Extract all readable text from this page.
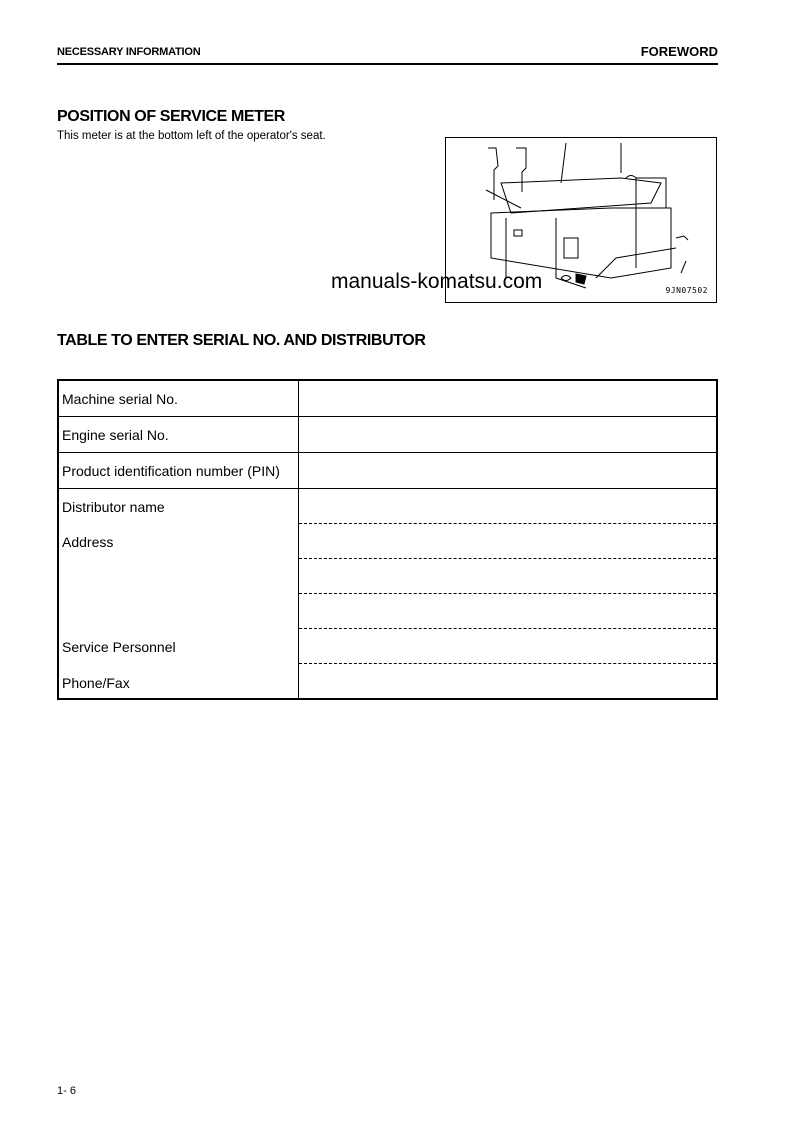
NECESSARY INFORMATION	FOREWORD
POSITION OF SERVICE METER
This meter is at the bottom left of the operator's seat.
9JN07502
manuals-komatsu.com
TABLE TO ENTER SERIAL NO. AND DISTRIBUTOR
Machine serial No.	
Engine serial No.	
Product identification number (PIN)	

Distributor name
Address
Service Personnel
Phone/Fax	

1- 6
